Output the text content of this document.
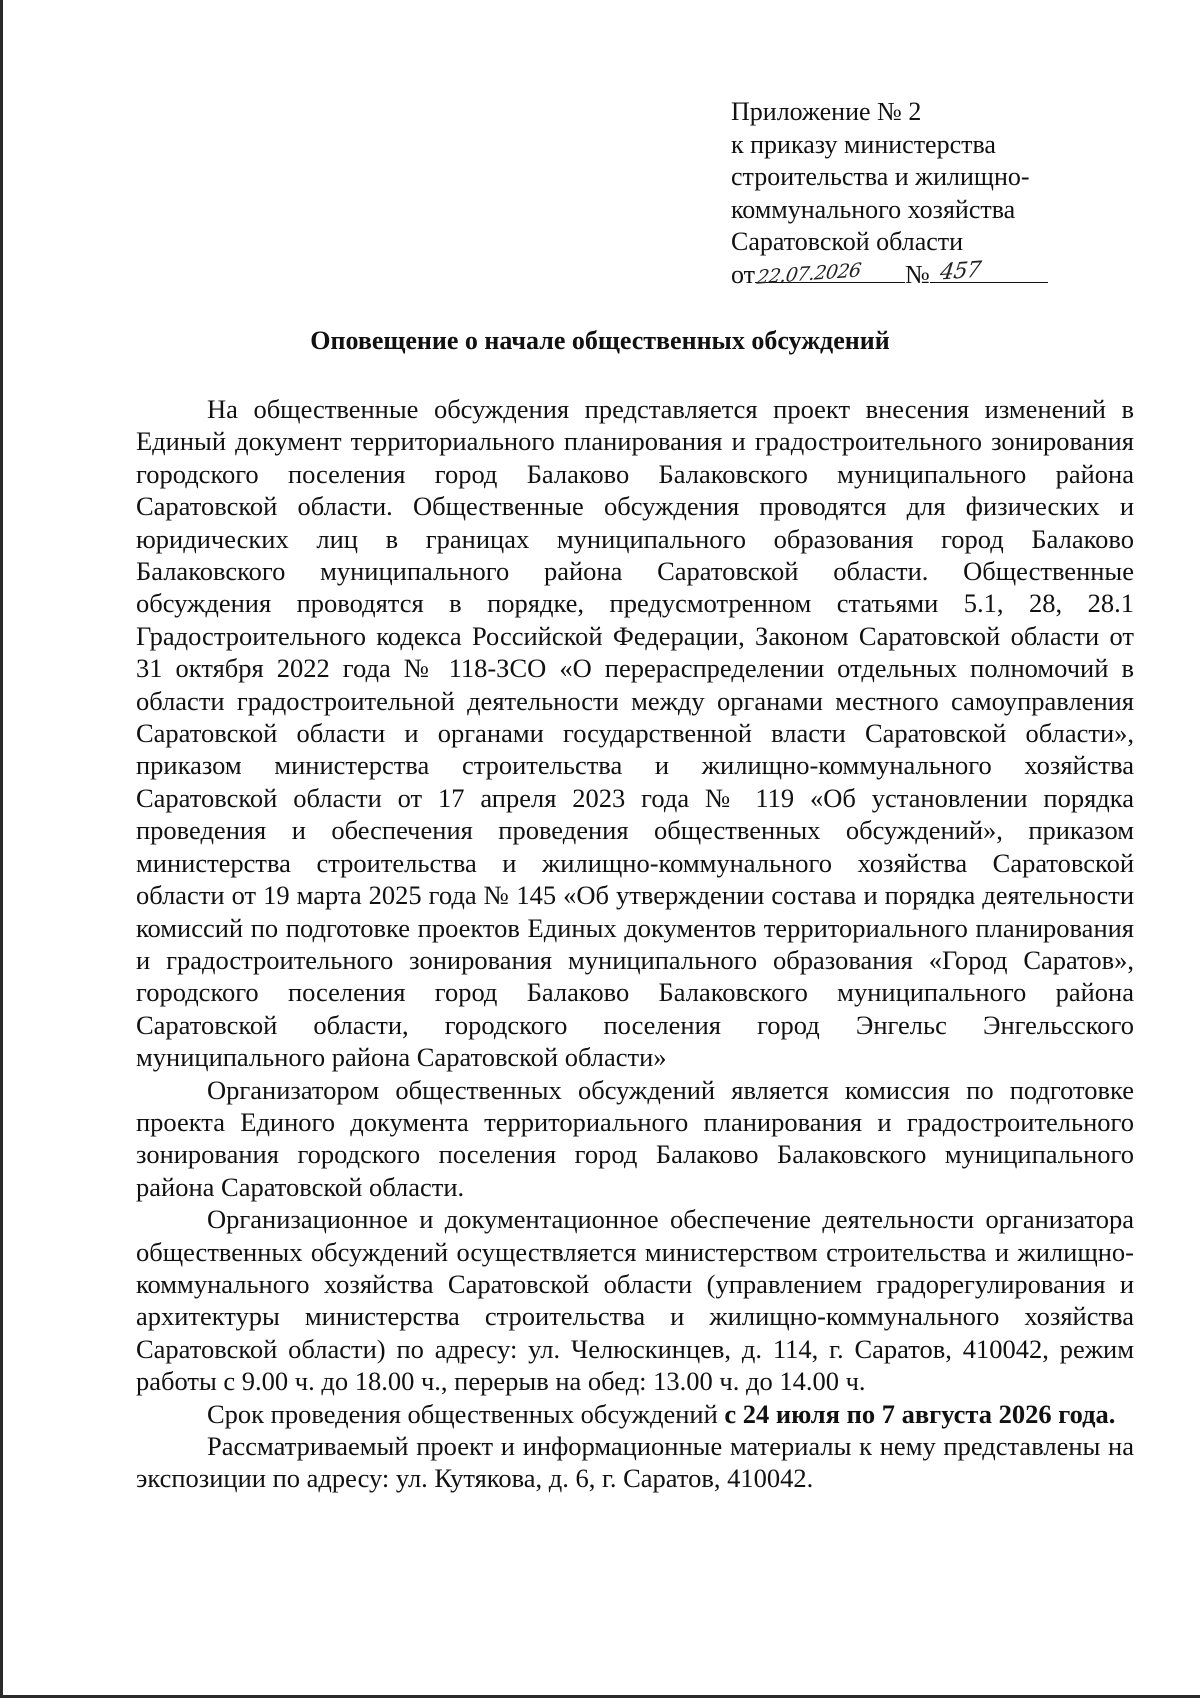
Приложение № 2
к приказу министерства
строительства и жилищно-
коммунального хозяйства
Саратовской области
от 22.07.2026 № 457
Оповещение о начале общественных обсуждений

На общественные обсуждения представляется проект внесения изменений в Единый документ территориального планирования и градостроительного зонирования городского поселения город Балаково Балаковского муниципального района Саратовской области. Общественные обсуждения проводятся для физических и юридических лиц в границах муниципального образования город Балаково Балаковского муниципального района Саратовской области. Общественные обсуждения проводятся в порядке, предусмотренном статьями 5.1, 28, 28.1 Градостроительного кодекса Российской Федерации, Законом Саратовской области от 31 октября 2022 года № 118-ЗСО «О перераспределении отдельных полномочий в области градостроительной деятельности между органами местного самоуправления Саратовской области и органами государственной власти Саратовской области», приказом министерства строительства и жилищно-коммунального хозяйства Саратовской области от 17 апреля 2023 года № 119 «Об установлении порядка проведения и обеспечения проведения общественных обсуждений», приказом министерства строительства и жилищно-коммунального хозяйства Саратовской области от 19 марта 2025 года № 145 «Об утверждении состава и порядка деятельности комиссий по подготовке проектов Единых документов территориального планирования и градостроительного зонирования муниципального образования «Город Саратов», городского поселения город Балаково Балаковского муниципального района Саратовской области, городского поселения город Энгельс Энгельсского муниципального района Саратовской области»

Организатором общественных обсуждений является комиссия по подготовке проекта Единого документа территориального планирования и градостроительного зонирования городского поселения город Балаково Балаковского муниципального района Саратовской области.

Организационное и документационное обеспечение деятельности организатора общественных обсуждений осуществляется министерством строительства и жилищно-коммунального хозяйства Саратовской области (управлением градорегулирования и архитектуры министерства строительства и жилищно-коммунального хозяйства Саратовской области) по адресу: ул. Челюскинцев, д. 114, г. Саратов, 410042, режим работы с 9.00 ч. до 18.00 ч., перерыв на обед: 13.00 ч. до 14.00 ч.

Срок проведения общественных обсуждений с 24 июля по 7 августа 2026 года.

Рассматриваемый проект и информационные материалы к нему представлены на экспозиции по адресу: ул. Кутякова, д. 6, г. Саратов, 410042.
